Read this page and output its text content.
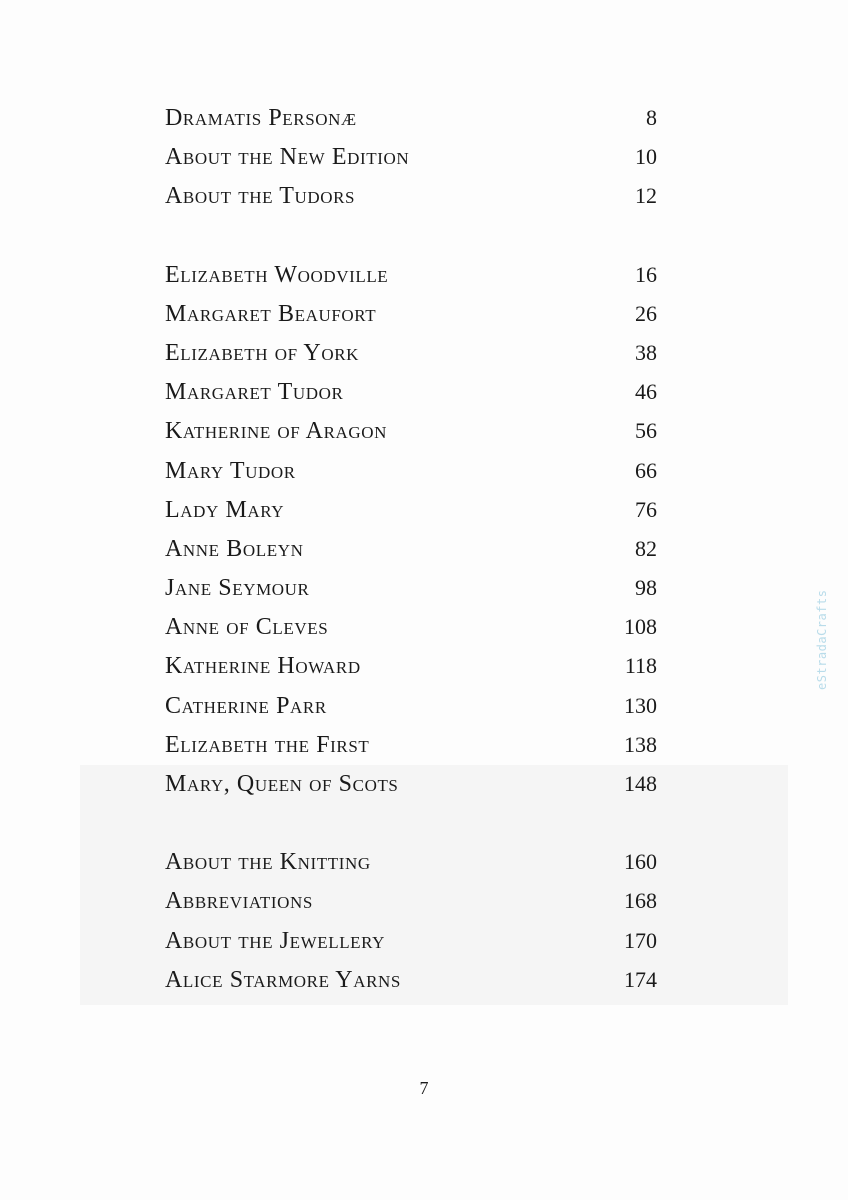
Dramatis Personæ	8
About the New Edition	10
About the Tudors	12
Elizabeth Woodville	16
Margaret Beaufort	26
Elizabeth of York	38
Margaret Tudor	46
Katherine of Aragon	56
Mary Tudor	66
Lady Mary	76
Anne Boleyn	82
Jane Seymour	98
Anne of Cleves	108
Katherine Howard	118
Catherine Parr	130
Elizabeth the First	138
Mary, Queen of Scots	148
About the Knitting	160
Abbreviations	168
About the Jewellery	170
Alice Starmore Yarns	174
7
eStradaCrafts
